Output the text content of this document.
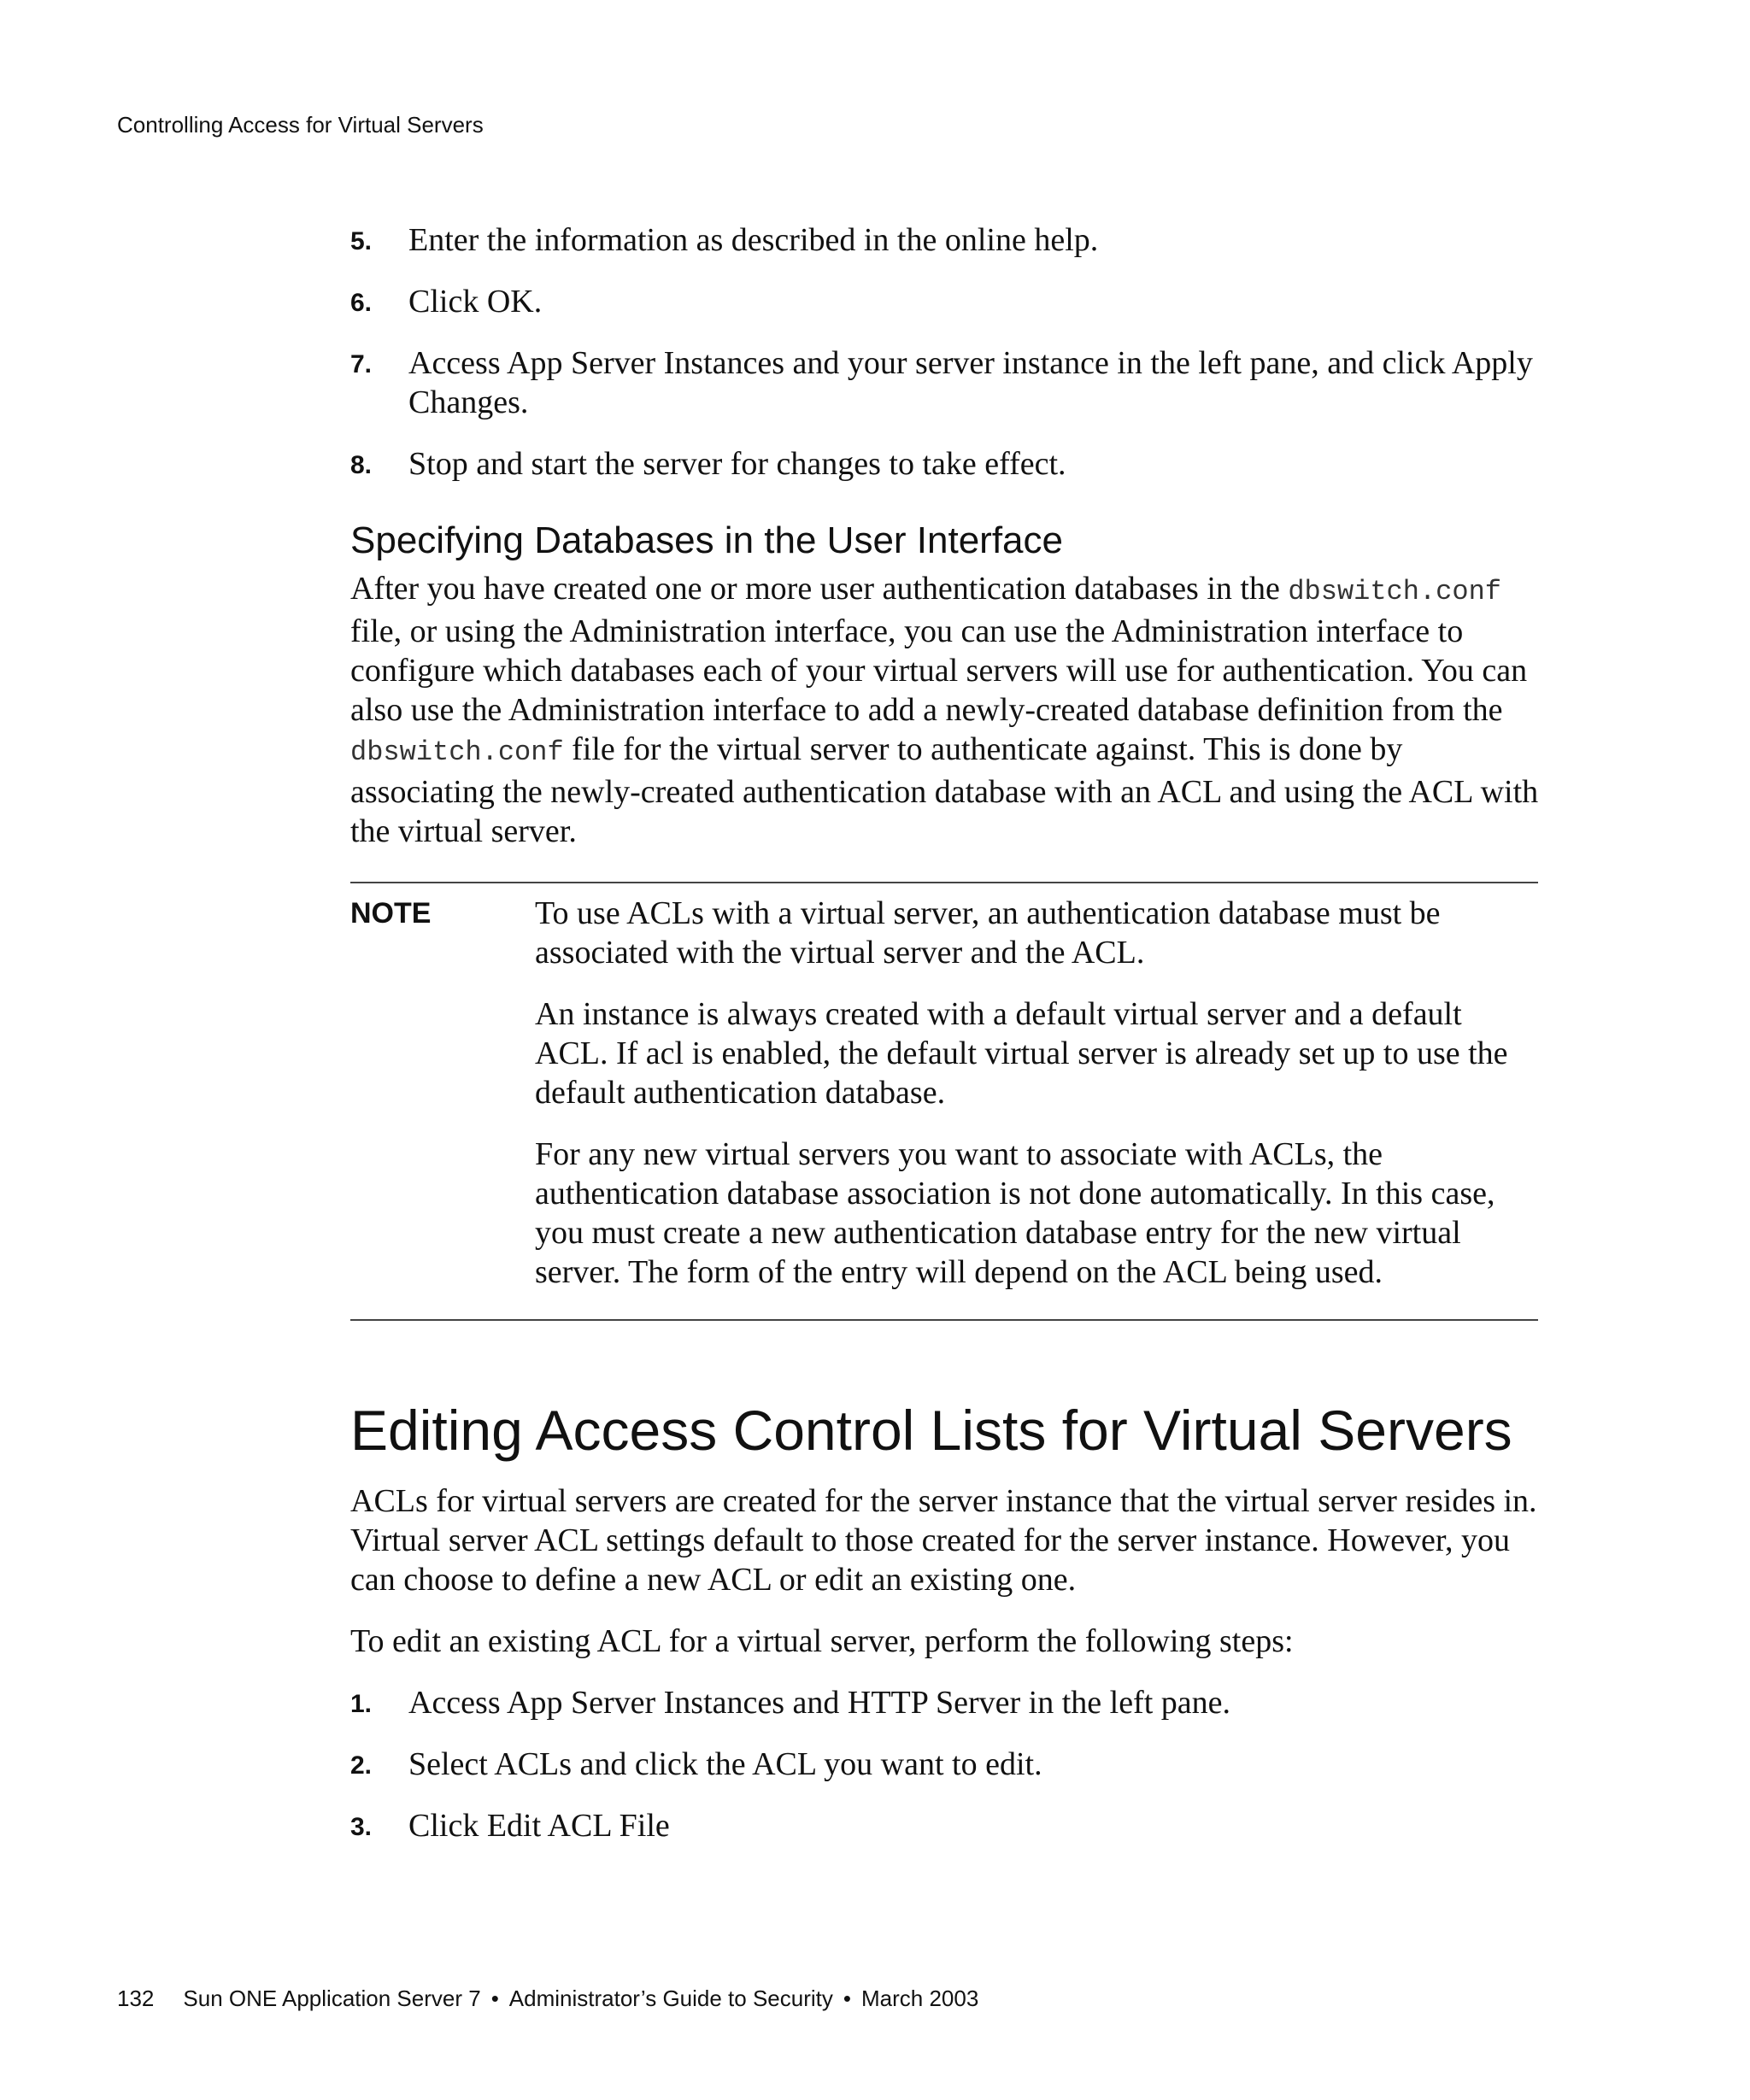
Controlling Access for Virtual Servers
5. Enter the information as described in the online help.
6. Click OK.
7. Access App Server Instances and your server instance in the left pane, and click Apply Changes.
8. Stop and start the server for changes to take effect.
Specifying Databases in the User Interface

After you have created one or more user authentication databases in the dbswitch.conf file, or using the Administration interface, you can use the Administration interface to configure which databases each of your virtual servers will use for authentication. You can also use the Administration interface to add a newly-created database definition from the dbswitch.conf file for the virtual server to authenticate against. This is done by associating the newly-created authentication database with an ACL and using the ACL with the virtual server.

NOTE	To use ACLs with a virtual server, an authentication database must be associated with the virtual server and the ACL.

An instance is always created with a default virtual server and a default ACL. If acl is enabled, the default virtual server is already set up to use the default authentication database.

For any new virtual servers you want to associate with ACLs, the authentication database association is not done automatically. In this case, you must create a new authentication database entry for the new virtual server. The form of the entry will depend on the ACL being used.

Editing Access Control Lists for Virtual Servers

ACLs for virtual servers are created for the server instance that the virtual server resides in. Virtual server ACL settings default to those created for the server instance. However, you can choose to define a new ACL or edit an existing one.

To edit an existing ACL for a virtual server, perform the following steps:

1. Access App Server Instances and HTTP Server in the left pane.
2. Select ACLs and click the ACL you want to edit.
3. Click Edit ACL File
132 Sun ONE Application Server 7 • Administrator’s Guide to Security • March 2003
